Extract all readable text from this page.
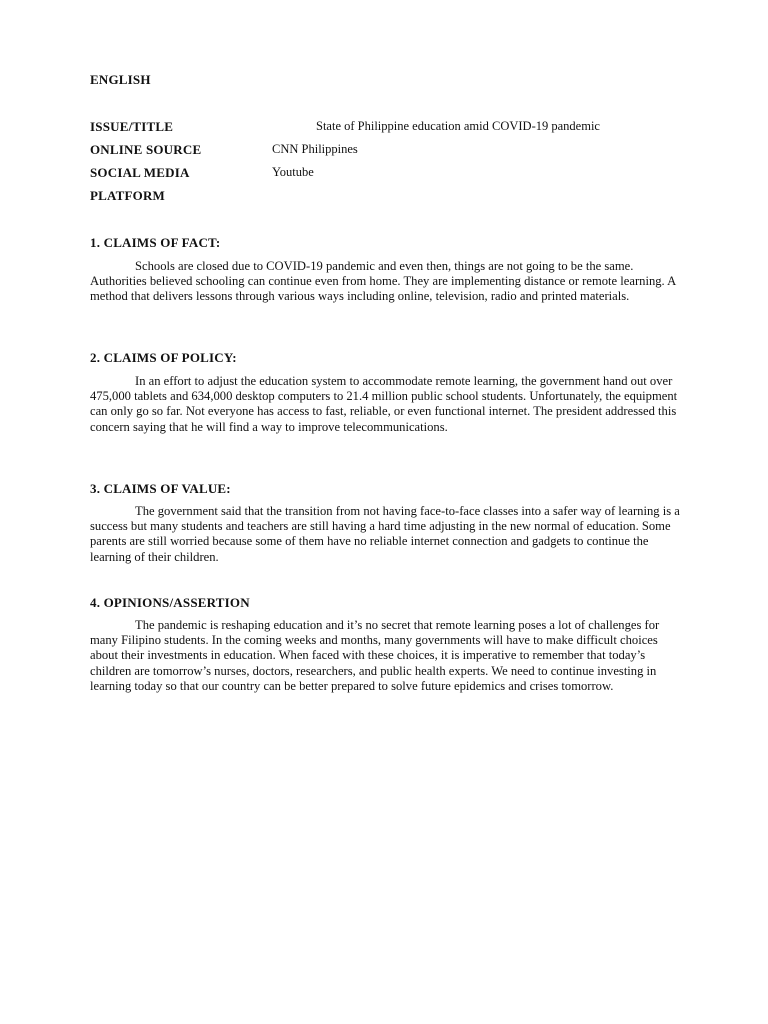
ENGLISH
ISSUE/TITLE	State of Philippine education amid COVID-19 pandemic
ONLINE SOURCE	CNN Philippines
SOCIAL MEDIA	Youtube
PLATFORM
1. CLAIMS OF FACT:

Schools are closed due to COVID-19 pandemic and even then, things are not going to be the same. Authorities believed schooling can continue even from home. They are implementing distance or remote learning. A method that delivers lessons through various ways including online, television, radio and printed materials.

2. CLAIMS OF POLICY:

In an effort to adjust the education system to accommodate remote learning, the government hand out over 475,000 tablets and 634,000 desktop computers to 21.4 million public school students. Unfortunately, the equipment can only go so far. Not everyone has access to fast, reliable, or even functional internet. The president addressed this concern saying that he will find a way to improve telecommunications.

3. CLAIMS OF VALUE:

The government said that the transition from not having face-to-face classes into a safer way of learning is a success but many students and teachers are still having a hard time adjusting in the new normal of education. Some parents are still worried because some of them have no reliable internet connection and gadgets to continue the learning of their children.

4. OPINIONS/ASSERTION

The pandemic is reshaping education and it’s no secret that remote learning poses a lot of challenges for many Filipino students. In the coming weeks and months, many governments will have to make difficult choices about their investments in education. When faced with these choices, it is imperative to remember that today’s children are tomorrow’s nurses, doctors, researchers, and public health experts. We need to continue investing in learning today so that our country can be better prepared to solve future epidemics and crises tomorrow.
